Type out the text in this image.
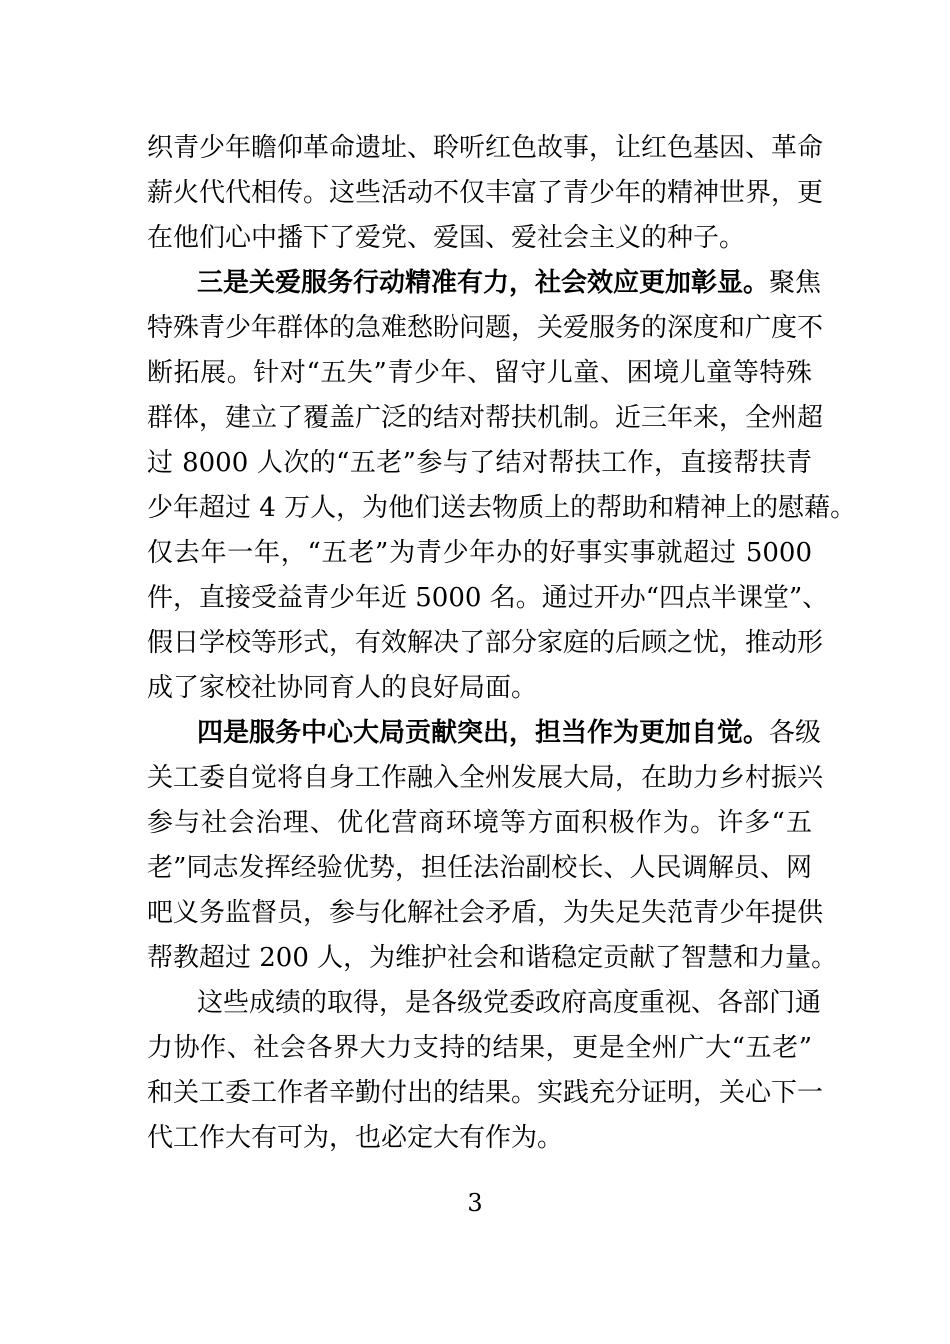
织青少年瞻仰革命遗址、聆听红色故事，让红色基因、革命
薪火代代相传。这些活动不仅丰富了青少年的精神世界，更
在他们心中播下了爱党、爱国、爱社会主义的种子。
三是关爱服务行动精准有力，社会效应更加彰显。聚焦
特殊青少年群体的急难愁盼问题，关爱服务的深度和广度不
断拓展。针对“五失”青少年、留守儿童、困境儿童等特殊
群体，建立了覆盖广泛的结对帮扶机制。近三年来，全州超
过 8000 人次的“五老”参与了结对帮扶工作，直接帮扶青
少年超过 4 万人，为他们送去物质上的帮助和精神上的慰藉。
仅去年一年，“五老”为青少年办的好事实事就超过 5000
件，直接受益青少年近 5000 名。通过开办“四点半课堂”、
假日学校等形式，有效解决了部分家庭的后顾之忧，推动形
成了家校社协同育人的良好局面。
四是服务中心大局贡献突出，担当作为更加自觉。各级
关工委自觉将自身工作融入全州发展大局，在助力乡村振兴
参与社会治理、优化营商环境等方面积极作为。许多“五
老”同志发挥经验优势，担任法治副校长、人民调解员、网
吧义务监督员，参与化解社会矛盾，为失足失范青少年提供
帮教超过 200 人，为维护社会和谐稳定贡献了智慧和力量。
这些成绩的取得，是各级党委政府高度重视、各部门通
力协作、社会各界大力支持的结果，更是全州广大“五老”
和关工委工作者辛勤付出的结果。实践充分证明，关心下一
代工作大有可为，也必定大有作为。
3
